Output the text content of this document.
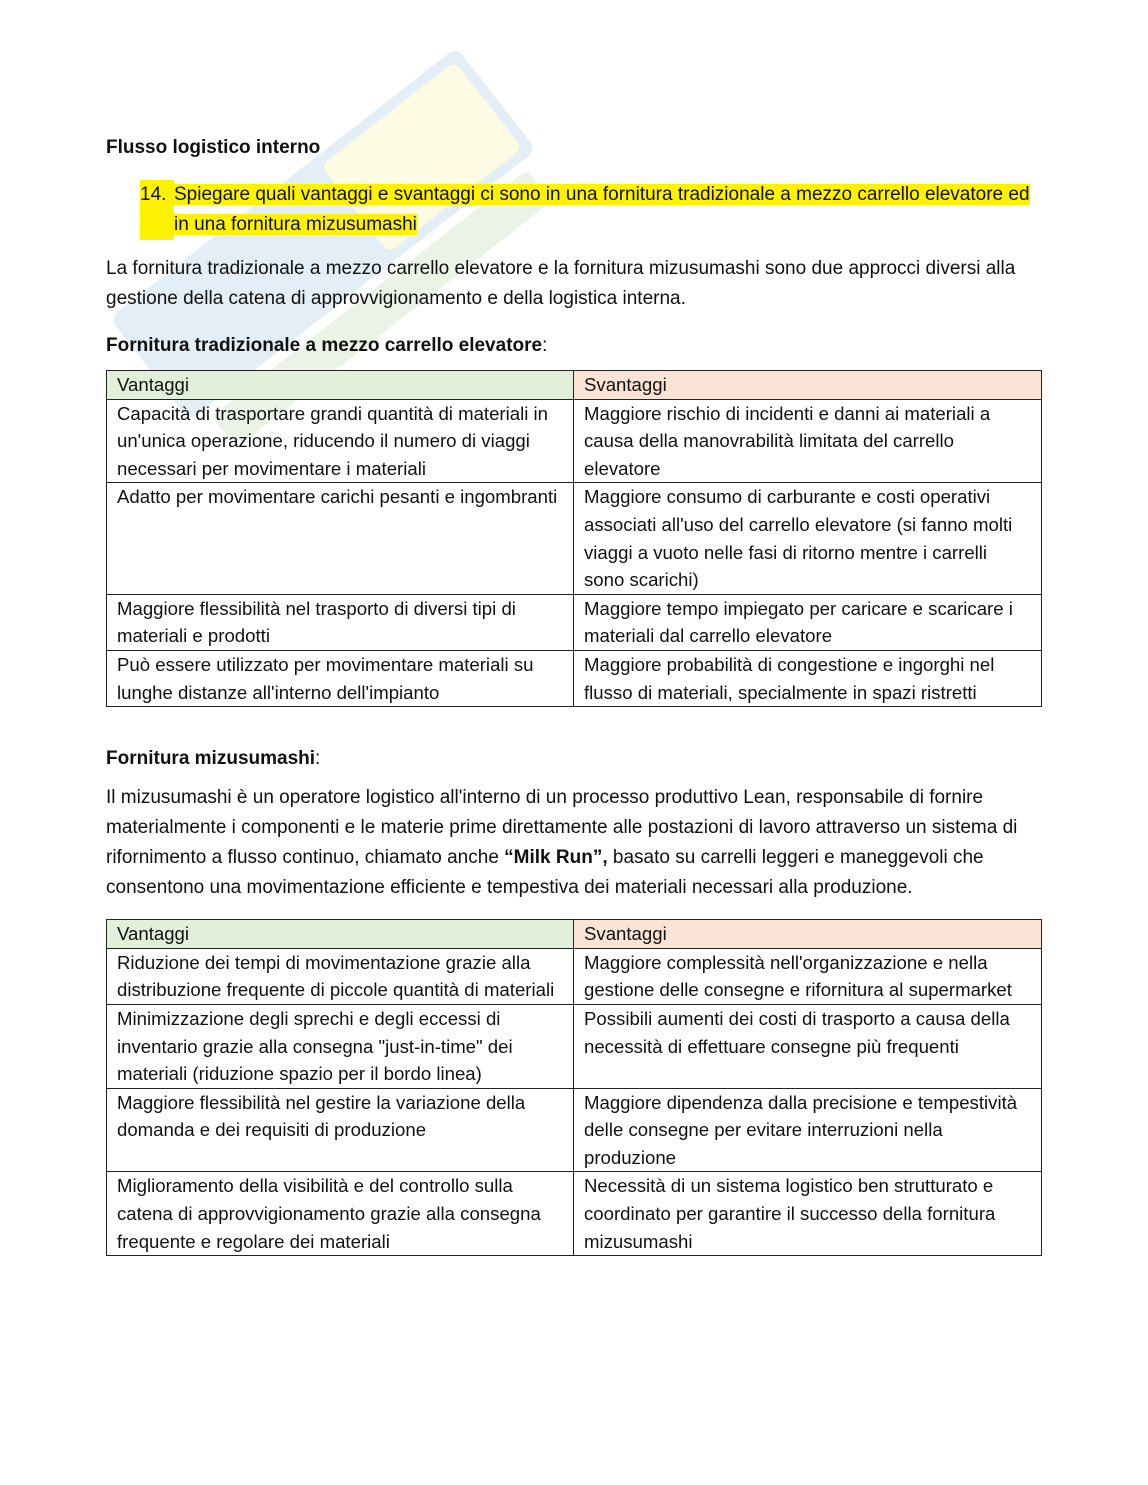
Flusso logistico interno
14. Spiegare quali vantaggi e svantaggi ci sono in una fornitura tradizionale a mezzo carrello elevatore ed in una fornitura mizusumashi

La fornitura tradizionale a mezzo carrello elevatore e la fornitura mizusumashi sono due approcci diversi alla gestione della catena di approvvigionamento e della logistica interna.

Fornitura tradizionale a mezzo carrello elevatore:
Vantaggi	Svantaggi
Capacità di trasportare grandi quantità di materiali in un'unica operazione, riducendo il numero di viaggi necessari per movimentare i materiali	Maggiore rischio di incidenti e danni ai materiali a causa della manovrabilità limitata del carrello elevatore
Adatto per movimentare carichi pesanti e ingombranti	Maggiore consumo di carburante e costi operativi associati all'uso del carrello elevatore (si fanno molti viaggi a vuoto nelle fasi di ritorno mentre i carrelli sono scarichi)
Maggiore flessibilità nel trasporto di diversi tipi di materiali e prodotti	Maggiore tempo impiegato per caricare e scaricare i materiali dal carrello elevatore
Può essere utilizzato per movimentare materiali su lunghe distanze all'interno dell'impianto	Maggiore probabilità di congestione e ingorghi nel flusso di materiali, specialmente in spazi ristretti
Fornitura mizusumashi:

Il mizusumashi è un operatore logistico all'interno di un processo produttivo Lean, responsabile di fornire materialmente i componenti e le materie prime direttamente alle postazioni di lavoro attraverso un sistema di rifornimento a flusso continuo, chiamato anche “Milk Run”, basato su carrelli leggeri e maneggevoli che consentono una movimentazione efficiente e tempestiva dei materiali necessari alla produzione.

Vantaggi	Svantaggi
Riduzione dei tempi di movimentazione grazie alla distribuzione frequente di piccole quantità di materiali	Maggiore complessità nell'organizzazione e nella gestione delle consegne e rifornitura al supermarket
Minimizzazione degli sprechi e degli eccessi di inventario grazie alla consegna "just-in-time" dei materiali (riduzione spazio per il bordo linea)	Possibili aumenti dei costi di trasporto a causa della necessità di effettuare consegne più frequenti
Maggiore flessibilità nel gestire la variazione della domanda e dei requisiti di produzione	Maggiore dipendenza dalla precisione e tempestività delle consegne per evitare interruzioni nella produzione
Miglioramento della visibilità e del controllo sulla catena di approvvigionamento grazie alla consegna frequente e regolare dei materiali	Necessità di un sistema logistico ben strutturato e coordinato per garantire il successo della fornitura mizusumashi
